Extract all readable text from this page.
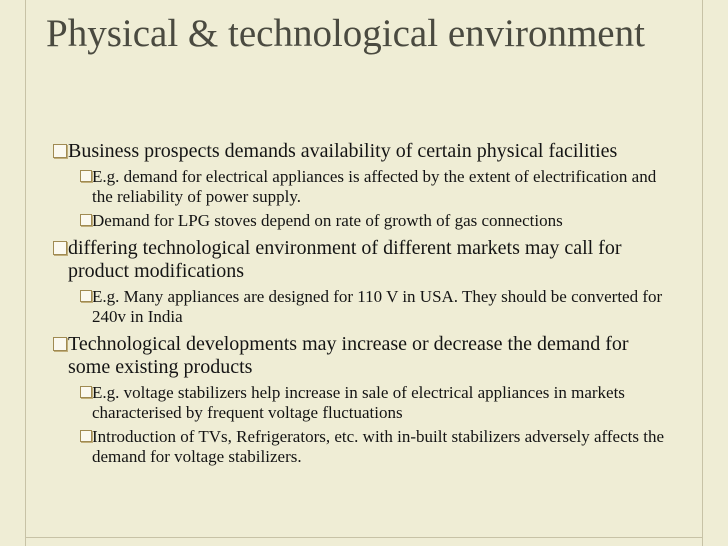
Physical & technological environment
Business prospects demands availability of certain physical facilities
E.g. demand for electrical appliances is affected by the extent of electrification and the reliability of power supply.
Demand for LPG stoves depend on rate of growth of gas connections
differing technological environment of different markets may call for product modifications
E.g. Many appliances are designed for 110 V in USA. They should be converted for 240v in India
Technological developments may increase or decrease the demand for some existing products
E.g. voltage stabilizers help increase in sale of electrical appliances in markets characterised by frequent voltage fluctuations
Introduction of TVs, Refrigerators, etc. with in-built stabilizers adversely affects the demand for voltage stabilizers.
